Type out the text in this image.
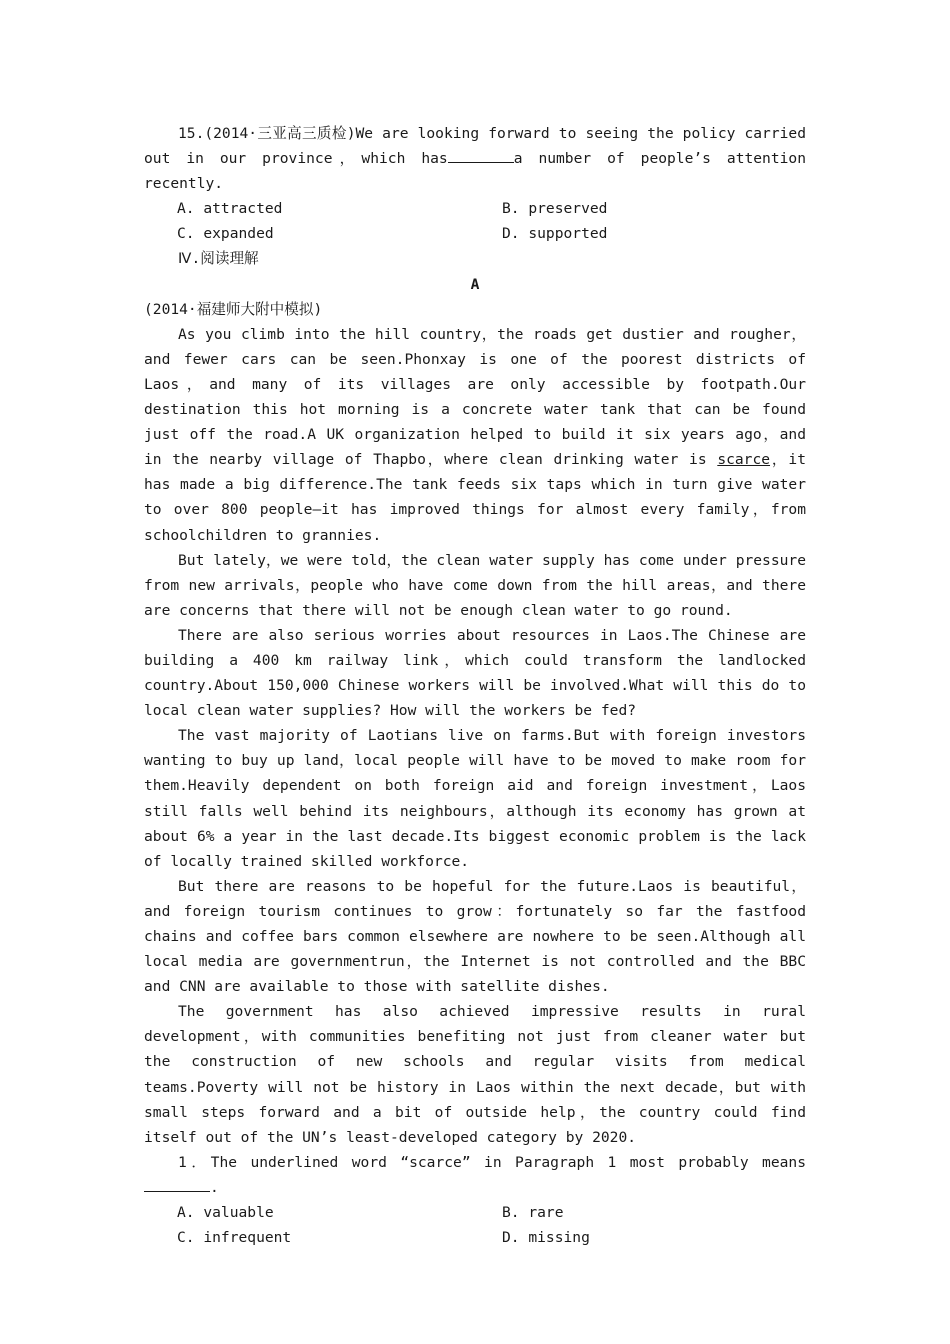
15.(2014·三亚高三质检)We are looking forward to seeing the policy carried out in our province，which has	a number of people’s attention recently.

A. attracted	B. preserved
C. expanded	D. supported

Ⅳ.阅读理解

A

(2014·福建师大附中模拟)

As you climb into the hill country，the roads get dustier and rougher，and fewer cars can be seen.Phonxay is one of the poorest districts of Laos，and many of its villages are only accessible by footpath.Our destination this hot morning is a concrete water tank that can be found just off the road.A UK organization helped to build it six years ago，and in the nearby village of Thapbo，where clean drinking water is scarce，it has made a big difference.The tank feeds six taps which in turn give water to over 800 people—it has improved things for almost every family，from schoolchildren to grannies.

But lately，we were told，the clean water supply has come under pressure from new arrivals，people who have come down from the hill areas，and there are concerns that there will not be enough clean water to go round.

There are also serious worries about resources in Laos.The Chinese are building a 400 km railway link，which could transform the landlocked country.About 150,000 Chinese workers will be involved.What will this do to local clean water supplies? How will the workers be fed?

The vast majority of Laotians live on farms.But with foreign investors wanting to buy up land，local people will have to be moved to make room for them.Heavily dependent on both foreign aid and foreign investment，Laos still falls well behind its neighbours，although its economy has grown at about 6% a year in the last decade.Its biggest economic problem is the lack of locally trained skilled workforce.

But there are reasons to be hopeful for the future.Laos is beautiful，and foreign tourism continues to grow：fortunately so far the fastfood chains and coffee bars common elsewhere are nowhere to be seen.Although all local media are governmentrun，the Internet is not controlled and the BBC and CNN are available to those with satellite dishes.

The government has also achieved impressive results in rural development，with communities benefiting not just from cleaner water but the construction of new schools and regular visits from medical teams.Poverty will not be history in Laos within the next decade，but with small steps forward and a bit of outside help，the country could find itself out of the UN’s least-developed category by 2020.

1．The underlined word “scarce” in Paragraph 1 most probably means.

A. valuable	B. rare
C. infrequent	D. missing
